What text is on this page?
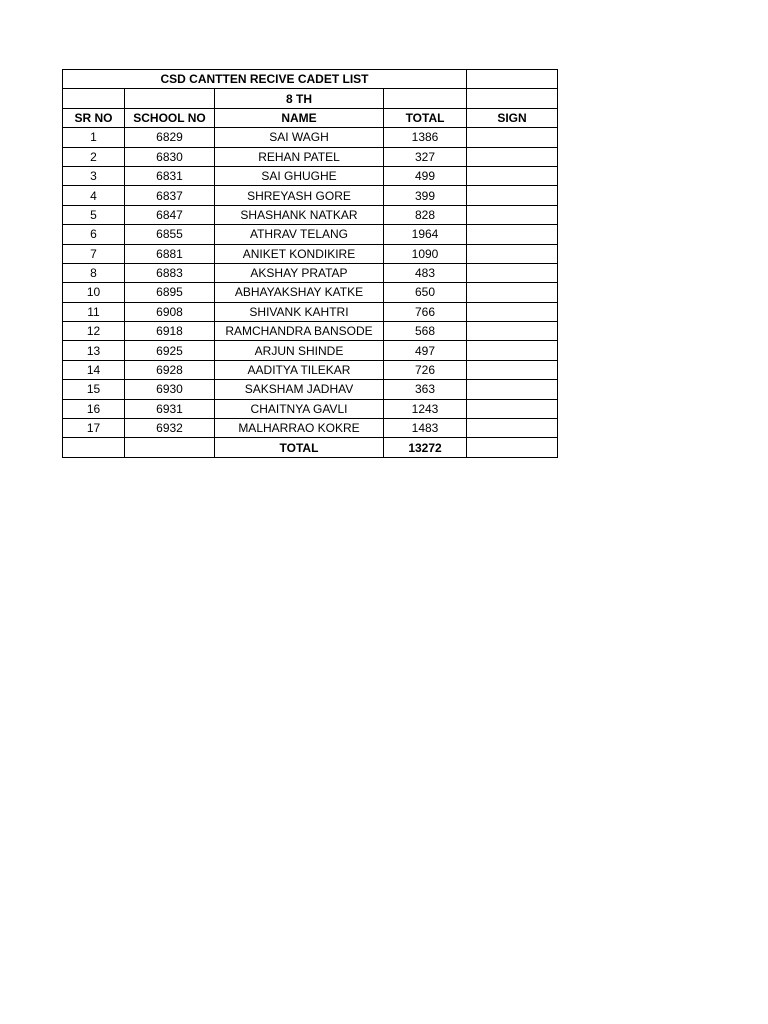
CSD CANTTEN RECIVE CADET LIST				
		8 TH		
SR NO	SCHOOL NO	NAME	TOTAL	SIGN
1	6829	SAI WAGH	1386	
2	6830	REHAN PATEL	327	
3	6831	SAI GHUGHE	499	
4	6837	SHREYASH GORE	399	
5	6847	SHASHANK NATKAR	828	
6	6855	ATHRAV TELANG	1964	
7	6881	ANIKET KONDIKIRE	1090	
8	6883	AKSHAY PRATAP	483	
10	6895	ABHAYAKSHAY KATKE	650	
11	6908	SHIVANK KAHTRI	766	
12	6918	RAMCHANDRA BANSODE	568	
13	6925	ARJUN SHINDE	497	
14	6928	AADITYA TILEKAR	726	
15	6930	SAKSHAM JADHAV	363	
16	6931	CHAITNYA GAVLI	1243	
17	6932	MALHARRAO KOKRE	1483	
		TOTAL	13272	
